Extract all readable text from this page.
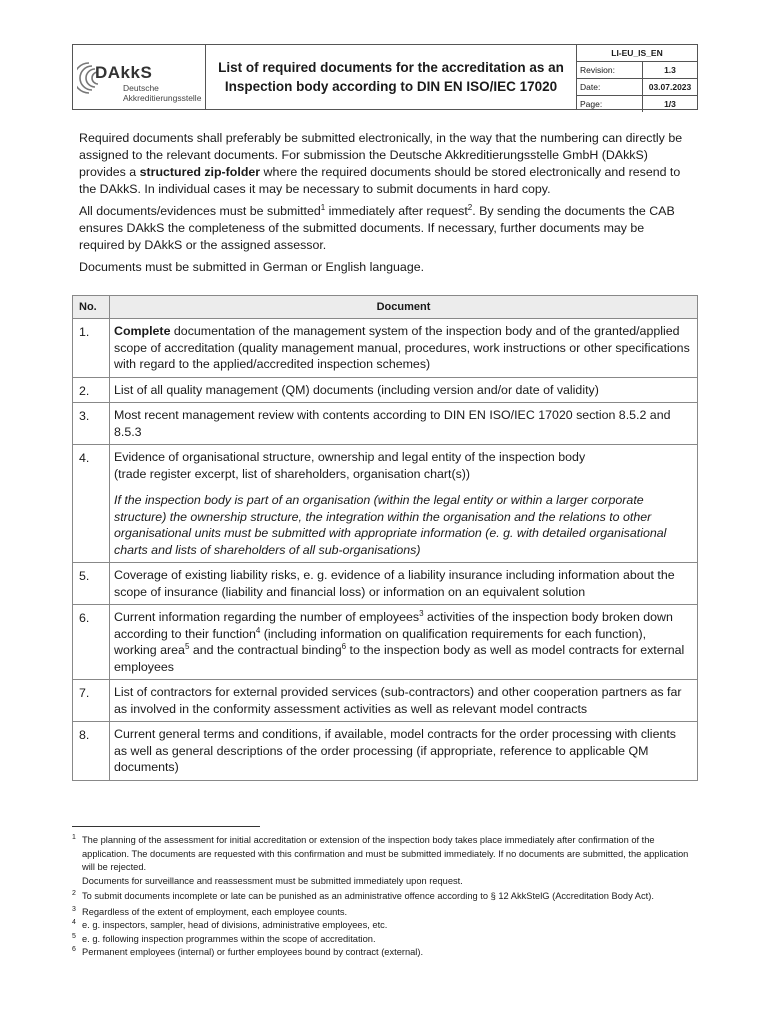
DAkkS
Deutsche
Akkreditierungsstelle
List of required documents for the accreditation as an
Inspection body according to DIN EN ISO/IEC 17020
LI-EU_IS_EN
Revision:	1.3
Date:	03.07.2023
Page:	1/3

Required documents shall preferably be submitted electronically, in the way that the numbering can directly be assigned to the relevant documents. For submission the Deutsche Akkreditierungsstelle GmbH (DAkkS) provides a structured zip-folder where the required documents should be stored electronically and resend to the DAkkS. In individual cases it may be necessary to submit documents in hard copy.

All documents/evidences must be submitted$^1$ immediately after request$^2$. By sending the documents the CAB ensures DAkkS the completeness of the submitted documents. If necessary, further documents may be required by DAkkS or the assigned assessor.

Documents must be submitted in German or English language.

No.	Document
1.	Complete documentation of the management system of the inspection body and of the granted/applied scope of accreditation (quality management manual, procedures, work instructions or other specifications with regard to the applied/accredited inspection schemes)
2.	List of all quality management (QM) documents (including version and/or date of validity)
3.	Most recent management review with contents according to DIN EN ISO/IEC 17020 section 8.5.2 and 8.5.3
4.	Evidence of organisational structure, ownership and legal entity of the inspection body
(trade register excerpt, list of shareholders, organisation chart(s))
If the inspection body is part of an organisation (within the legal entity or within a larger corporate structure) the ownership structure, the integration within the organisation and the relations to other organisational units must be submitted with appropriate information (e. g. with detailed organisational charts and lists of shareholders of all sub-organisations)

5.	Coverage of existing liability risks, e. g. evidence of a liability insurance including information about the scope of insurance (liability and financial loss) or information on an equivalent solution
6.	Current information regarding the number of employees$^3$ activities of the inspection body broken down according to their function$^4$ (including information on qualification requirements for each function), working area$^5$ and the contractual binding$^6$ to the inspection body as well as model contracts for external employees
7.	List of contractors for external provided services (sub-contractors) and other cooperation partners as far as involved in the conformity assessment activities as well as relevant model contracts
8.	Current general terms and conditions, if available, model contracts for the order processing with clients as well as general descriptions of the order processing (if appropriate, reference to applicable QM documents)
1 The planning of the assessment for initial accreditation or extension of the inspection body takes place immediately after confirmation of the application. The documents are requested with this confirmation and must be submitted immediately. If no documents are submitted, the application will be rejected.
Documents for surveillance and reassessment must be submitted immediately upon request.
2 To submit documents incomplete or late can be punished as an administrative offence according to § 12 AkkStelG (Accreditation Body Act).
3 Regardless of the extent of employment, each employee counts.
4 e. g. inspectors, sampler, head of divisions, administrative employees, etc.
5 e. g. following inspection programmes within the scope of accreditation.
6 Permanent employees (internal) or further employees bound by contract (external).
